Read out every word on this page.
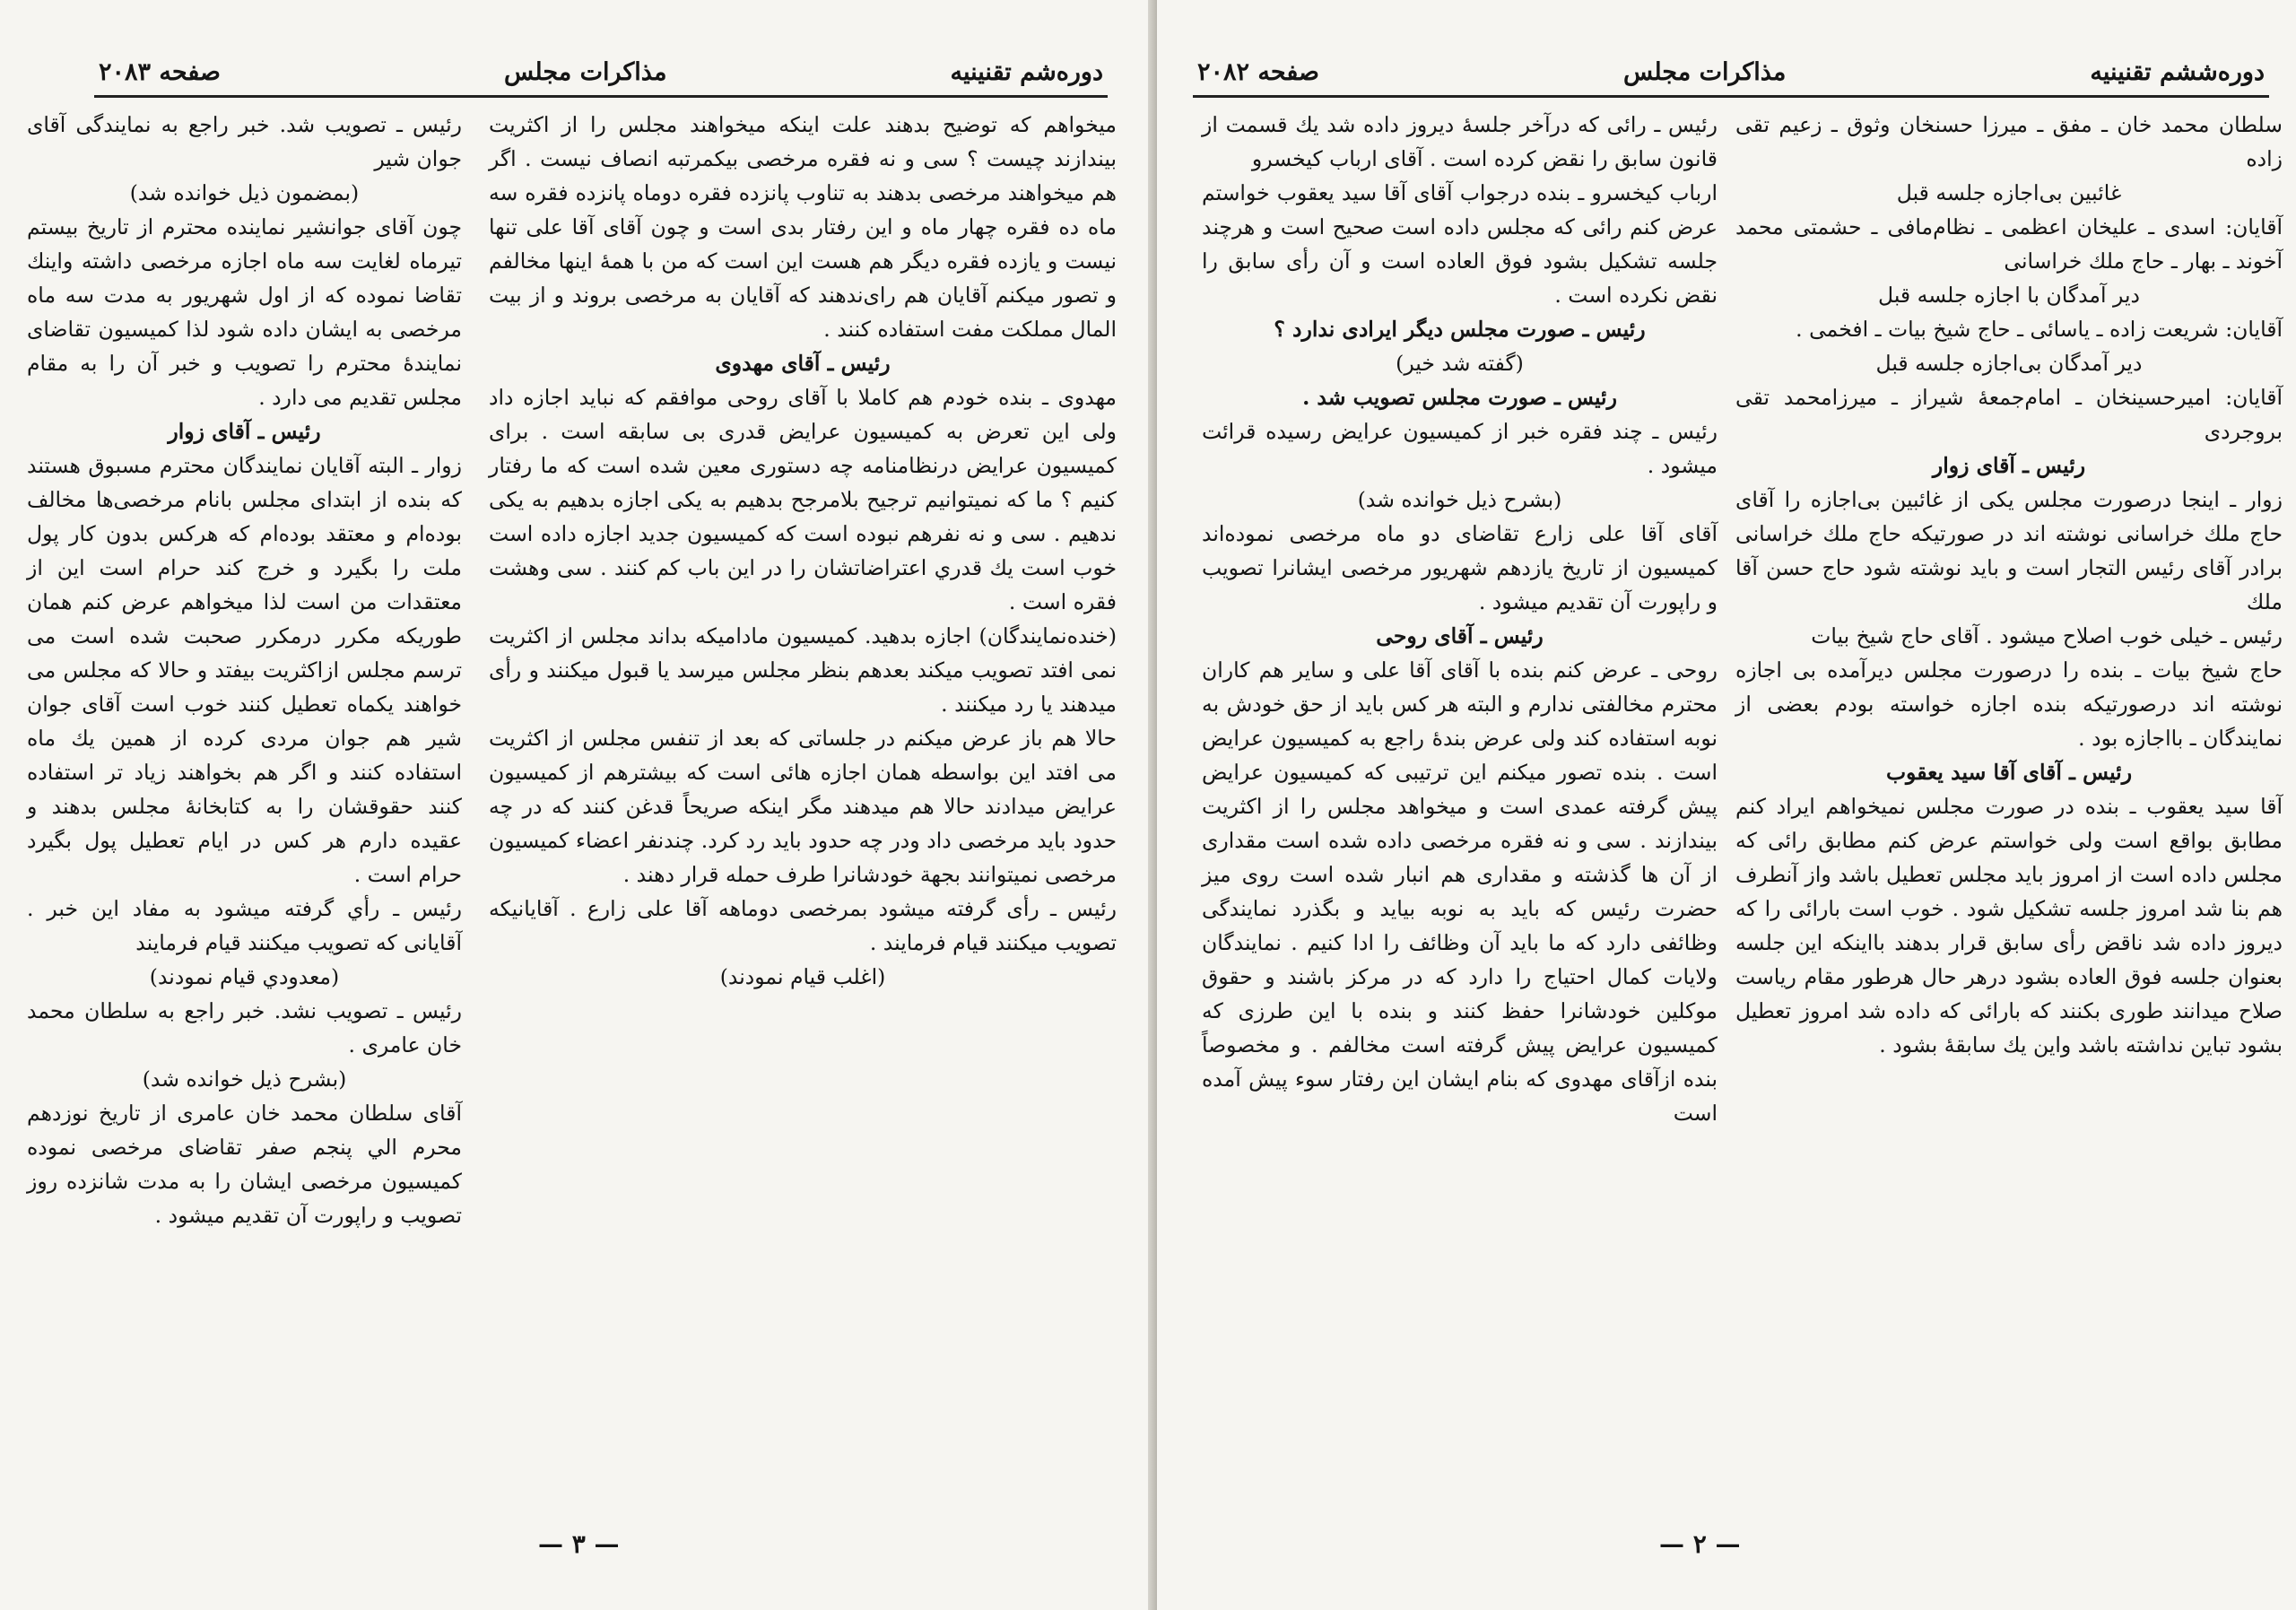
دوره‌شم تقنینیه
مذاکرات مجلس
صفحه ۲۰۸۳

میخواهم که توضیح بدهند علت اینکه میخواهند مجلس را از اکثریت بیندازند چیست ؟ سی و نه فقره مرخصی بیکمرتبه انصاف نیست . اگر هم میخواهند مرخصی بدهند به تناوب پانزده فقره دوماه پانزده فقره سه ماه ده فقره چهار ماه و این رفتار بدی است و چون آقای آقا علی تنها نیست و یازده فقره دیگر هم هست این است که من با همهٔ اینها مخالفم و تصور میکنم آقایان هم رای‌ندهند که آقایان به مرخصی بروند و از بیت المال مملکت مفت استفاده کنند .

رئیس ـ آقای مهدوی

مهدوی ـ بنده خودم هم کاملا با آقای روحی موافقم که نباید اجازه داد ولی این تعرض به کمیسیون عرایض قدری بی سابقه است . برای کمیسیون عرایض درنظامنامه چه دستوری معین شده است که ما رفتار کنیم ؟ ما که نمیتوانیم ترجیح بلامرجح بدهیم به یکی اجازه بدهیم به یکی ندهیم . سی و نه نفرهم نبوده است که کمیسیون جدید اجازه داده است خوب است یك قدري اعتراضاتشان را در این باب کم کنند . سی وهشت فقره است .

(خنده‌نمایندگان) اجازه بدهید. کمیسیون مادامیکه بداند مجلس از اکثریت نمی افتد تصویب میکند بعدهم بنظر مجلس میرسد یا قبول میکنند و رأی میدهند یا رد میکنند .

حالا هم باز عرض میکنم در جلساتی که بعد از تنفس مجلس از اکثریت می افتد این بواسطه همان اجازه هائی است که بیشترهم از کمیسیون عرایض میدادند حالا هم میدهند مگر اینکه صریحاً قدغن کنند که در چه حدود باید مرخصی داد ودر چه حدود باید رد کرد. چندنفر اعضاء کمیسیون مرخصی نمیتوانند بجهة خودشانرا طرف حمله قرار دهند .

رئیس ـ رأی گرفته میشود بمرخصی دوماهه آقا علی زارع . آقایانیکه تصویب میکنند قیام فرمایند .

(اغلب قیام نمودند)

رئیس ـ تصویب شد. خبر راجع به نمایندگی آقای جوان شیر

(بمضمون ذیل خوانده شد)

چون آقای جوانشیر نماینده محترم از تاریخ بیستم تیرماه لغایت سه ماه اجازه مرخصی داشته واینك تقاضا نموده که از اول شهریور به مدت سه ماه مرخصی به ایشان داده شود لذا کمیسیون تقاضای نمایندهٔ محترم را تصویب و خبر آن را به مقام مجلس تقدیم می دارد .

رئیس ـ آقای زوار

زوار ـ البته آقایان نمایندگان محترم مسبوق هستند که بنده از ابتدای مجلس بانام مرخصی‌ها مخالف بوده‌ام و معتقد بوده‌ام که هرکس بدون کار پول ملت را بگیرد و خرج کند حرام است این از معتقدات من است لذا میخواهم عرض کنم همان طوریکه مکرر درمکرر صحبت شده است می ترسم مجلس ازاکثریت بیفتد و حالا که مجلس می خواهند یکماه تعطیل کنند خوب است آقای جوان شیر هم جوان مردی کرده از همین یك ماه استفاده کنند و اگر هم بخواهند زیاد تر استفاده کنند حقوقشان را به کتابخانهٔ مجلس بدهند و عقیده دارم هر کس در ایام تعطیل پول بگیرد حرام است .

رئیس ـ رأي گرفته میشود به مفاد این خبر . آقایانی که تصویب میکنند قیام فرمایند

(معدودي قیام نمودند)

رئیس ـ تصویب نشد. خبر راجع به سلطان محمد خان عامری .

(بشرح ذیل خوانده شد)

آقای سلطان محمد خان عامری از تاریخ نوزدهم محرم الي پنجم صفر تقاضای مرخصی نموده کمیسیون مرخصی ایشان را به مدت شانزده روز تصویب و راپورت آن تقدیم میشود .

— ۳ —
دوره‌ششم تقنینیه
مذاکرات مجلس
صفحه ۲۰۸۲

سلطان محمد خان ـ مفق ـ میرزا حسنخان وثوق ـ زعیم تقی زاده

غائبین بی‌اجازه جلسه قبل

آقایان: اسدی ـ علیخان اعظمی ـ نظام‌مافی ـ حشمتی محمد آخوند ـ بهار ـ حاج ملك خراسانی

دیر آمدگان با اجازه جلسه قبل

آقایان: شریعت زاده ـ یاسائی ـ حاج شیخ بیات ـ افخمی .

دیر آمدگان بی‌اجازه جلسه قبل

آقایان: امیرحسینخان ـ امام‌جمعهٔ شیراز ـ میرزامحمد تقی بروجردی

رئیس ـ آقای زوار

زوار ـ اینجا درصورت مجلس یکی از غائبین بی‌اجازه را آقای حاج ملك خراسانی نوشته اند در صورتیکه حاج ملك خراسانی برادر آقای رئیس التجار است و باید نوشته شود حاج حسن آقا ملك

رئیس ـ خیلی خوب اصلاح میشود . آقای حاج شیخ بیات

حاج شیخ بیات ـ بنده را درصورت مجلس دیرآمده بی اجازه نوشته اند درصورتیکه بنده اجازه خواسته بودم بعضی از نمایندگان ـ بااجازه بود .

رئیس ـ آقای آقا سید یعقوب

آقا سید یعقوب ـ بنده در صورت مجلس نمیخواهم ایراد کنم مطابق بواقع است ولی خواستم عرض کنم مطابق رائی که مجلس داده است از امروز باید مجلس تعطیل باشد واز آنطرف هم بنا شد امروز جلسه تشکیل شود . خوب است بارائی را که دیروز داده شد ناقض رأی سابق قرار بدهند بااینکه این جلسه بعنوان جلسه فوق العاده بشود درهر حال هرطور مقام ریاست صلاح میدانند طوری بکنند که بارائی که داده شد امروز تعطیل بشود تباین نداشته باشد واین یك سابقهٔ بشود .

رئیس ـ رائی که درآخر جلسهٔ دیروز داده شد یك قسمت از قانون سابق را نقض کرده است . آقای ارباب کیخسرو

ارباب کیخسرو ـ بنده درجواب آقای آقا سید یعقوب خواستم عرض کنم رائی که مجلس داده است صحیح است و هرچند جلسه تشکیل بشود فوق العاده است و آن رأی سابق را نقض نکرده است .

رئیس ـ صورت مجلس دیگر ایرادی ندارد ؟

(گفته شد خیر)

رئیس ـ صورت مجلس تصویب شد .

رئیس ـ چند فقره خبر از کمیسیون عرایض رسیده قرائت میشود .

(بشرح ذیل خوانده شد)

آقای آقا علی زارع تقاضای دو ماه مرخصی نموده‌اند کمیسیون از تاریخ یازدهم شهریور مرخصی ایشانرا تصویب و راپورت آن تقدیم میشود .

رئیس ـ آقای روحی

روحی ـ عرض کنم بنده با آقای آقا علی و سایر هم کاران محترم مخالفتی ندارم و البته هر کس باید از حق خودش به نوبه استفاده کند ولی عرض بندهٔ راجع به کمیسیون عرایض است . بنده تصور میکنم این ترتیبی که کمیسیون عرایض پیش گرفته عمدی است و میخواهد مجلس را از اکثریت بیندازند . سی و نه فقره مرخصی داده شده است مقداری از آن ها گذشته و مقداری هم انبار شده است روی میز حضرت رئیس که باید به نوبه بیاید و بگذرد نمایندگی وظائفی دارد که ما باید آن وظائف را ادا کنیم . نمایندگان ولایات کمال احتیاج را دارد که در مرکز باشند و حقوق موکلین خودشانرا حفظ کنند و بنده با این طرزی که کمیسیون عرایض پیش گرفته است مخالفم . و مخصوصاً بنده ازآقای مهدوی که بنام ایشان این رفتار سوء پیش آمده است

— ۲ —
